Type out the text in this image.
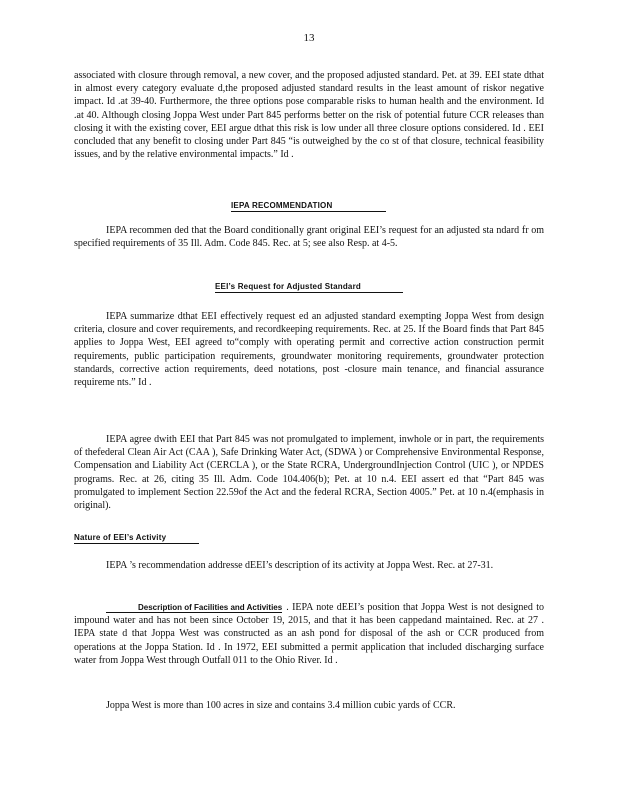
13

associated with closure through removal, a new cover, and the proposed adjusted standard. Pet. at 39. EEI state dthat in almost every category evaluate d,the proposed adjusted standard results in the least amount of riskor negative impact. Id .at 39-40. Furthermore, the three options pose comparable risks to human health and the environment. Id .at 40. Although closing Joppa West under Part 845 performs better on the risk of potential future CCR releases than closing it with the existing cover, EEI argue dthat this risk is low under all three closure options considered. Id . EEI concluded that any benefit to closing under Part 845 “is outweighed by the co st of that closure, technical feasibility issues, and by the relative environmental impacts.” Id .

IEPA RECOMMENDATION

IEPA recommen ded that the Board conditionally grant original EEI’s request for an adjusted sta ndard fr om specified requirements of 35 Ill. Adm. Code 845. Rec. at 5; see also Resp. at 4-5.

EEI’s Request for Adjusted Standard

IEPA summarize dthat EEI effectively request ed an adjusted standard exempting Joppa West from design criteria, closure and cover requirements, and recordkeeping requirements. Rec. at 25. If the Board finds that Part 845 applies to Joppa West, EEI agreed to“comply with operating permit and corrective action construction permit requirements, public participation requirements, groundwater monitoring requirements, groundwater protection standards, corrective action requirements, deed notations, post -closure main tenance, and financial assurance requireme nts.” Id .

IEPA agree dwith EEI that Part 845 was not promulgated to implement, inwhole or in part, the requirements of thefederal Clean Air Act (CAA ), Safe Drinking Water Act, (SDWA ) or Comprehensive Environmental Response, Compensation and Liability Act (CERCLA ), or the State RCRA, UndergroundInjection Control (UIC ), or NPDES programs. Rec. at 26, citing 35 Ill. Adm. Code 104.406(b); Pet. at 10 n.4. EEI assert ed that “Part 845 was promulgated to implement Section 22.59of the Act and the federal RCRA, Section 4005.” Pet. at 10 n.4(emphasis in original).

Nature of EEI’s Activity

IEPA ’s recommendation addresse dEEI’s description of its activity at Joppa West. Rec. at 27-31.

Description of Facilities and Activities . IEPA note dEEI’s position that Joppa West is not designed to impound water and has not been since October 19, 2015, and that it has been cappedand maintained. Rec. at 27 . IEPA state d that Joppa West was constructed as an ash pond for disposal of the ash or CCR produced from operations at the Joppa Station. Id . In 1972, EEI submitted a permit application that included discharging surface water from Joppa West through Outfall 011 to the Ohio River. Id .

Joppa West is more than 100 acres in size and contains 3.4 million cubic yards of CCR.
